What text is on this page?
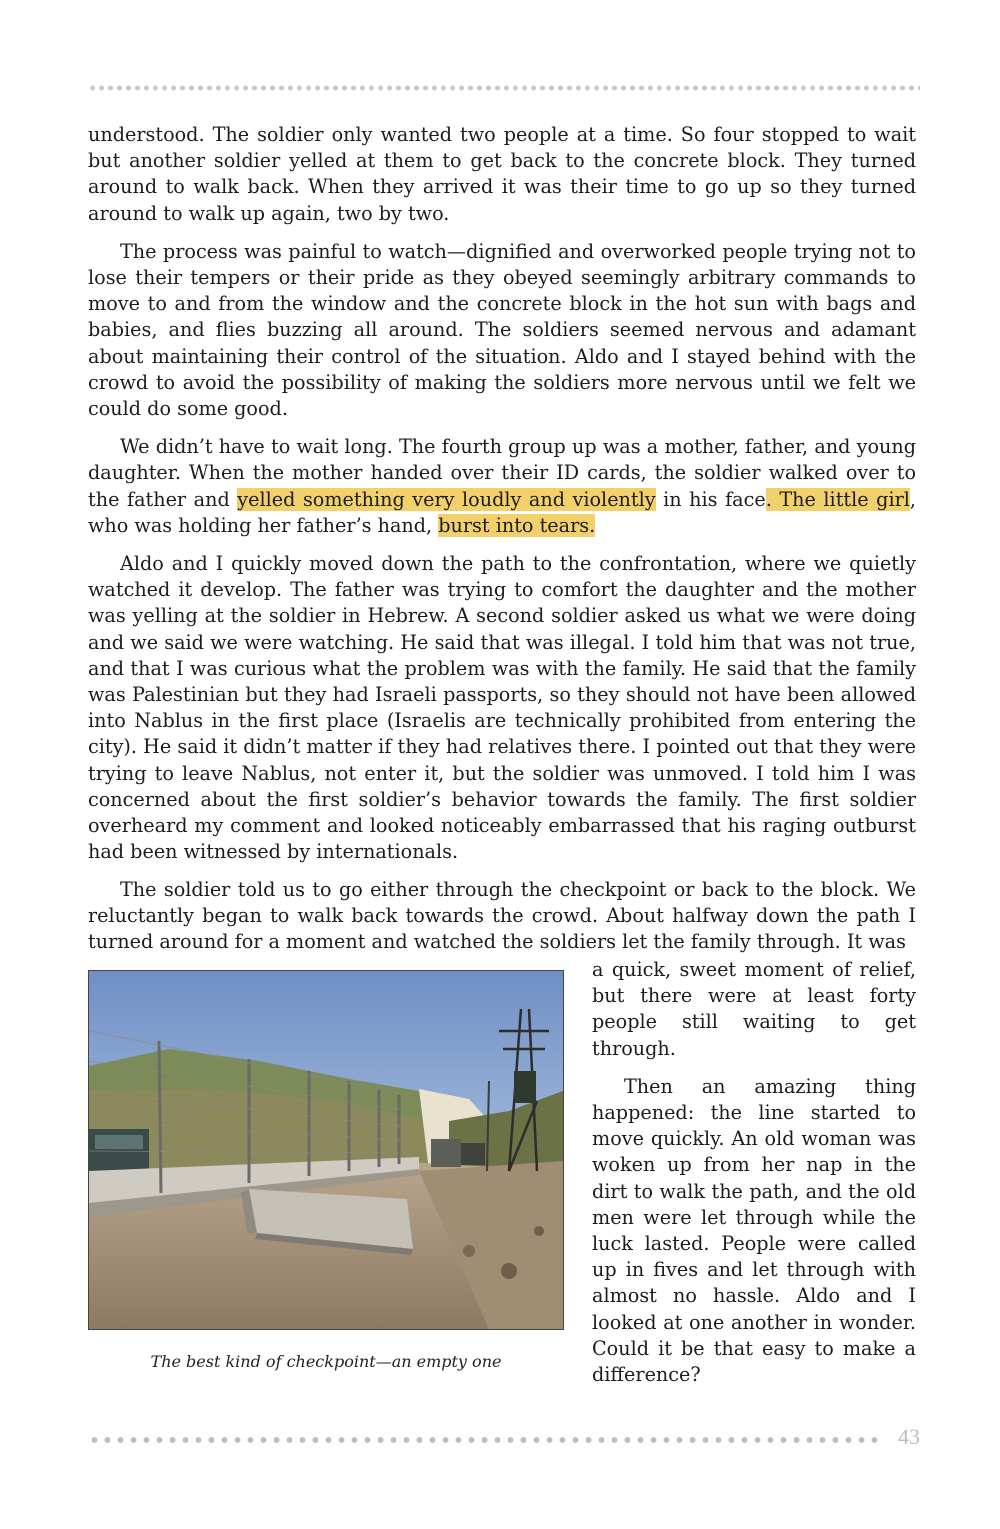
understood. The soldier only wanted two people at a time. So four stopped to wait but another soldier yelled at them to get back to the concrete block. They turned around to walk back. When they arrived it was their time to go up so they turned around to walk up again, two by two.

The process was painful to watch—dignified and overworked people trying not to lose their tempers or their pride as they obeyed seemingly arbitrary commands to move to and from the window and the concrete block in the hot sun with bags and babies, and flies buzzing all around. The soldiers seemed nervous and adamant about maintaining their control of the situation. Aldo and I stayed behind with the crowd to avoid the possibility of making the soldiers more nervous until we felt we could do some good.

We didn’t have to wait long. The fourth group up was a mother, father, and young daughter. When the mother handed over their ID cards, the soldier walked over to the father and yelled something very loudly and violently in his face. The little girl, who was holding her father’s hand, burst into tears.

Aldo and I quickly moved down the path to the confrontation, where we quietly watched it develop. The father was trying to comfort the daughter and the mother was yelling at the soldier in Hebrew. A second soldier asked us what we were doing and we said we were watching. He said that was illegal. I told him that was not true, and that I was curious what the problem was with the family. He said that the family was Palestinian but they had Israeli passports, so they should not have been allowed into Nablus in the first place (Israelis are technically prohibited from entering the city). He said it didn’t matter if they had relatives there. I pointed out that they were trying to leave Nablus, not enter it, but the soldier was unmoved. I told him I was concerned about the first soldier’s behavior towards the family. The first soldier overheard my comment and looked noticeably embarrassed that his raging outburst had been witnessed by internationals.

The soldier told us to go either through the checkpoint or back to the block. We reluctantly began to walk back towards the crowd. About halfway down the path I turned around for a moment and watched the soldiers let the family through. It was

The best kind of checkpoint—an empty one

a quick, sweet moment of relief, but there were at least forty people still waiting to get through.

Then an amazing thing happened: the line started to move quickly. An old woman was woken up from her nap in the dirt to walk the path, and the old men were let through while the luck lasted. People were called up in fives and let through with almost no hassle. Aldo and I looked at one another in wonder. Could it be that easy to make a difference?

43
